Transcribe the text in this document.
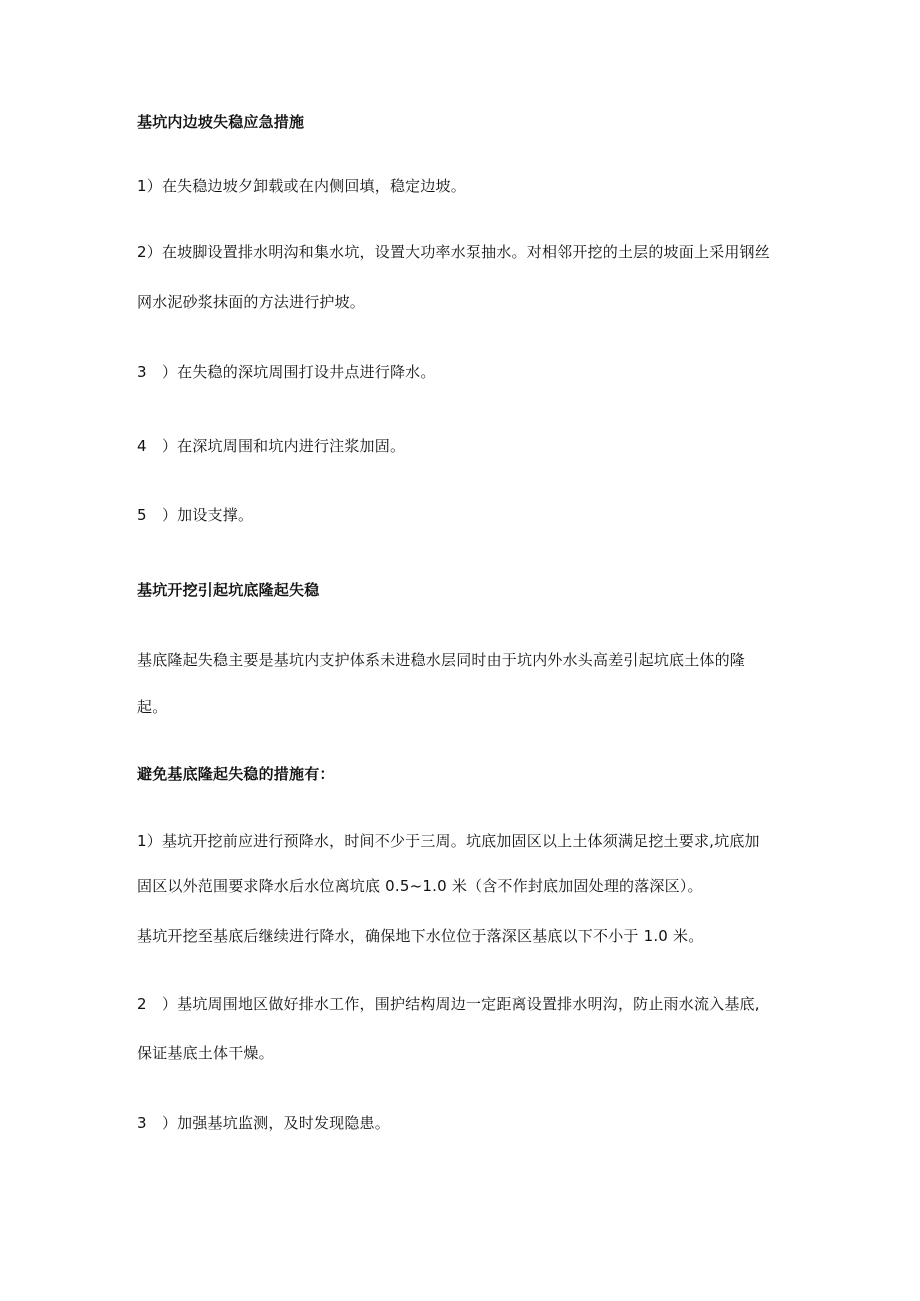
基坑内边坡失稳应急措施
1）在失稳边坡夕卸载或在内侧回填，稳定边坡。
2）在坡脚设置排水明沟和集水坑，设置大功率水泵抽水。对相邻开挖的土层的坡面上采用钢丝
网水泥砂浆抹面的方法进行护坡。
3　）在失稳的深坑周围打设井点进行降水。
4　）在深坑周围和坑内进行注浆加固。
5　）加设支撑。
基坑开挖引起坑底隆起失稳
基底隆起失稳主要是基坑内支护体系未进稳水层同时由于坑内外水头高差引起坑底土体的隆
起。
避免基底隆起失稳的措施有：
1）基坑开挖前应进行预降水，时间不少于三周。坑底加固区以上土体须满足挖土要求,坑底加
固区以外范围要求降水后水位离坑底 0.5~1.0 米（含不作封底加固处理的落深区）。
基坑开挖至基底后继续进行降水，确保地下水位位于落深区基底以下不小于 1.0 米。
2　）基坑周围地区做好排水工作，围护结构周边一定距离设置排水明沟，防止雨水流入基底,
保证基底土体干燥。
3　）加强基坑监测，及时发现隐患。
